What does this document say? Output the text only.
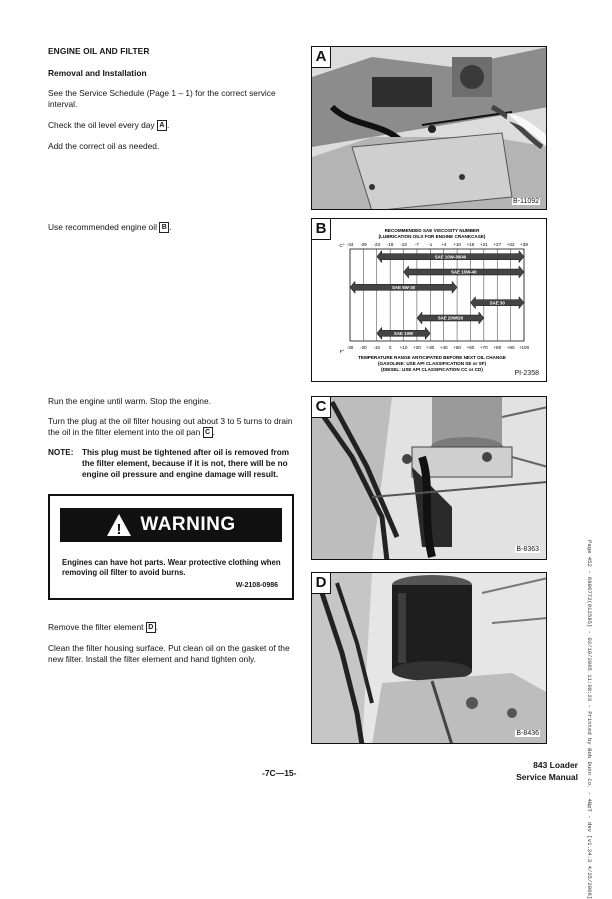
ENGINE OIL AND FILTER
Removal and Installation
See the Service Schedule (Page 1 – 1) for the correct service interval.
Check the oil level every day A .
Add the correct oil as needed.
Use recommended engine oil B .
Run the engine until warm. Stop the engine.
Turn the plug at the oil filter housing out about 3 to 5 turns to drain the oil in the filter element into the oil pan C .
NOTE: This plug must be tightened after oil is removed from the filter element, because if it is not, there will be no engine oil pressure and engine damage will result.
! WARNING
Engines can have hot parts. Wear protective clothing when removing oil filter to avoid burns.
W-2108-0986
Remove the filter element D .
Clean the filter housing surface. Put clean oil on the gasket of the new filter. Install the filter element and hand tighten only.
A
B-11092
B	RECOMMENDED SAE VISCOSITY NUMBER
(LUBRICATION OILS FOR ENGINE CRANKCASE)
C°
F°
-34 -29 -23 -18 -13 -7 -1 +4 +10 +15 +21 +27 +32 +38
-30 -20 -10 0 +10 +20 +30 +40 +50 +60 +70 +80 +90 +100
SAE 10W-30/40
SAE 15W-40
SAE 5W-30
SAE 30
SAE 20W/20
SAE 10W
TEMPERATURE RANGE ANTICIPATED BEFORE NEXT OIL CHANGE
(GASOLINE: USE API CLASSIFICATION SE or SF)
(DIESEL: USE API CLASSIFICATION CC or CD)
PI-2358
C
B-8363
D
B-8436
-7C—15-
843 Loader
Service Manual Page 452 - 6986772(012585) - 02/10/2005 11:08:23 - Printed by Bob Dunn Co. - 4BpT - dev [v1.24.3 4/25/2006]
